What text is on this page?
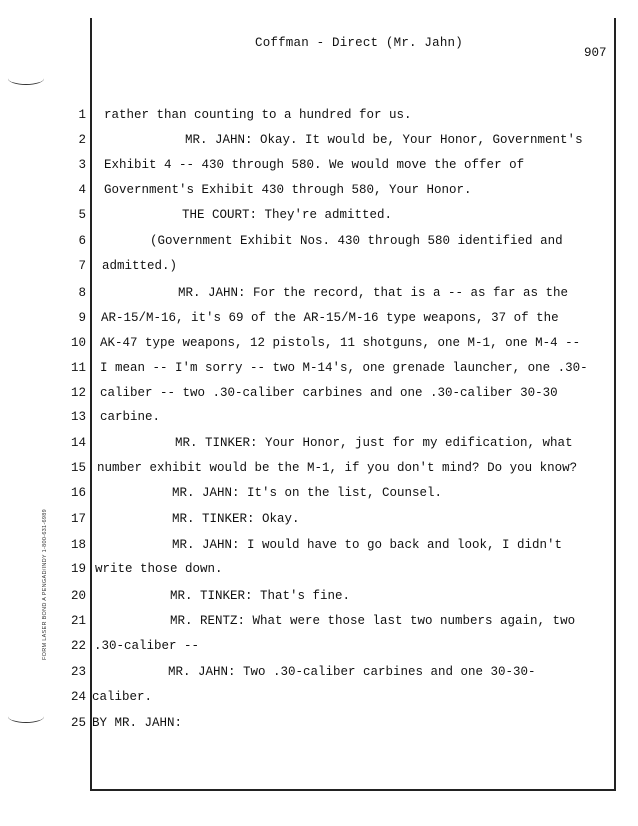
FORM LASER BOND A PENGAD/INDY 1-800-631-6989
Coffman - Direct (Mr. Jahn)
907
1 rather than counting to a hundred for us.
2	MR. JAHN: Okay. It would be, Your Honor, Government's
3 Exhibit 4 -- 430 through 580. We would move the offer of
4 Government's Exhibit 430 through 580, Your Honor.
5	THE COURT: They're admitted.
6	(Government Exhibit Nos. 430 through 580 identified and
7 admitted.)
8	MR. JAHN: For the record, that is a -- as far as the
9 AR-15/M-16, it's 69 of the AR-15/M-16 type weapons, 37 of the
10 AK-47 type weapons, 12 pistols, 11 shotguns, one M-1, one M-4 --
11 I mean -- I'm sorry -- two M-14's, one grenade launcher, one .30-
12 caliber -- two .30-caliber carbines and one .30-caliber 30-30
13 carbine.
14	MR. TINKER: Your Honor, just for my edification, what
15 number exhibit would be the M-1, if you don't mind? Do you know?
16	MR. JAHN: It's on the list, Counsel.
17	MR. TINKER: Okay.
18	MR. JAHN: I would have to go back and look, I didn't
19 write those down.
20	MR. TINKER: That's fine.
21	MR. RENTZ: What were those last two numbers again, two
22 .30-caliber --
23	MR. JAHN: Two .30-caliber carbines and one 30-30-
24 caliber.
25 BY MR. JAHN:
